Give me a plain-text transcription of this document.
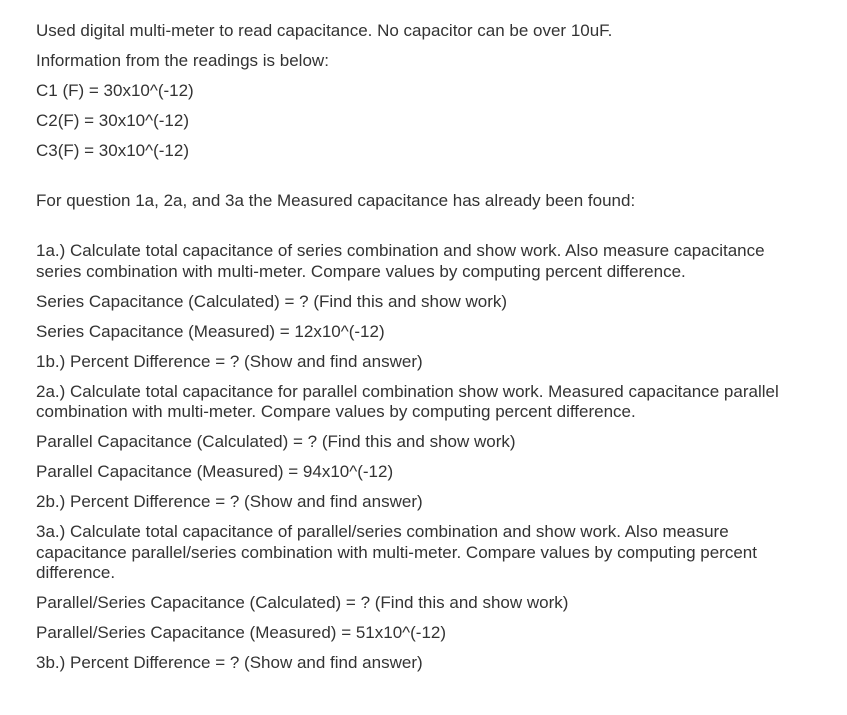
Used digital multi-meter to read capacitance. No capacitor can be over 10uF.
Information from the readings is below:
C1 (F) = 30x10^(-12)
C2(F) = 30x10^(-12)
C3(F) = 30x10^(-12)
For question 1a, 2a, and 3a the Measured capacitance has already been found:
1a.) Calculate total capacitance of series combination and show work. Also measure capacitance series combination with multi-meter. Compare values by computing percent difference.
Series Capacitance (Calculated) = ? (Find this and show work)
Series Capacitance (Measured) = 12x10^(-12)
1b.) Percent Difference = ? (Show and find answer)
2a.) Calculate total capacitance for parallel combination show work. Measured capacitance parallel combination with multi-meter. Compare values by computing percent difference.
Parallel Capacitance (Calculated) = ? (Find this and show work)
Parallel Capacitance (Measured) = 94x10^(-12)
2b.) Percent Difference = ? (Show and find answer)
3a.) Calculate total capacitance of parallel/series combination and show work. Also measure capacitance parallel/series combination with multi-meter. Compare values by computing percent difference.
Parallel/Series Capacitance (Calculated) = ? (Find this and show work)
Parallel/Series Capacitance (Measured) = 51x10^(-12)
3b.) Percent Difference = ? (Show and find answer)
